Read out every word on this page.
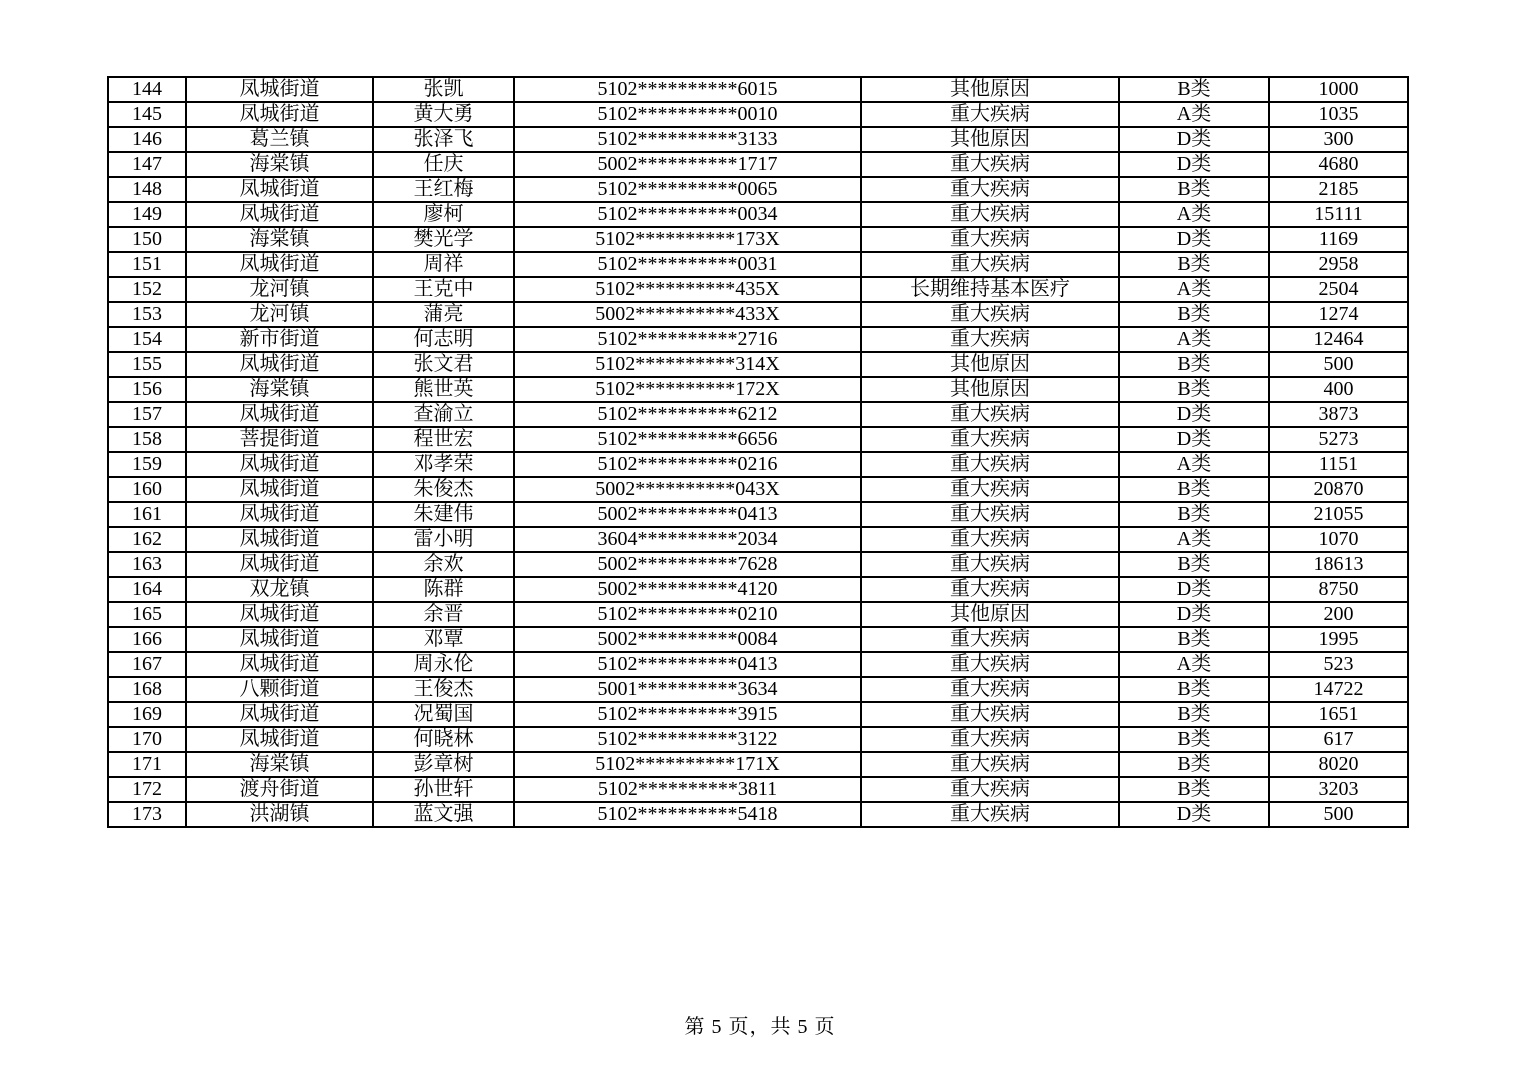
144	凤城街道	张凯	5102**********6015	其他原因	B类	1000
145	凤城街道	黄大勇	5102**********0010	重大疾病	A类	1035
146	葛兰镇	张泽飞	5102**********3133	其他原因	D类	300
147	海棠镇	任庆	5002**********1717	重大疾病	D类	4680
148	凤城街道	王红梅	5102**********0065	重大疾病	B类	2185
149	凤城街道	廖柯	5102**********0034	重大疾病	A类	15111
150	海棠镇	樊光学	5102**********173X	重大疾病	D类	1169
151	凤城街道	周祥	5102**********0031	重大疾病	B类	2958
152	龙河镇	王克中	5102**********435X	长期维持基本医疗	A类	2504
153	龙河镇	蒲亮	5002**********433X	重大疾病	B类	1274
154	新市街道	何志明	5102**********2716	重大疾病	A类	12464
155	凤城街道	张文君	5102**********314X	其他原因	B类	500
156	海棠镇	熊世英	5102**********172X	其他原因	B类	400
157	凤城街道	查渝立	5102**********6212	重大疾病	D类	3873
158	菩提街道	程世宏	5102**********6656	重大疾病	D类	5273
159	凤城街道	邓孝荣	5102**********0216	重大疾病	A类	1151
160	凤城街道	朱俊杰	5002**********043X	重大疾病	B类	20870
161	凤城街道	朱建伟	5002**********0413	重大疾病	B类	21055
162	凤城街道	雷小明	3604**********2034	重大疾病	A类	1070
163	凤城街道	余欢	5002**********7628	重大疾病	B类	18613
164	双龙镇	陈群	5002**********4120	重大疾病	D类	8750
165	凤城街道	余晋	5102**********0210	其他原因	D类	200
166	凤城街道	邓覃	5002**********0084	重大疾病	B类	1995
167	凤城街道	周永伦	5102**********0413	重大疾病	A类	523
168	八颗街道	王俊杰	5001**********3634	重大疾病	B类	14722
169	凤城街道	况蜀国	5102**********3915	重大疾病	B类	1651
170	凤城街道	何晓林	5102**********3122	重大疾病	B类	617
171	海棠镇	彭章树	5102**********171X	重大疾病	B类	8020
172	渡舟街道	孙世轩	5102**********3811	重大疾病	B类	3203
173	洪湖镇	蓝文强	5102**********5418	重大疾病	D类	500
第 5 页，共 5 页
